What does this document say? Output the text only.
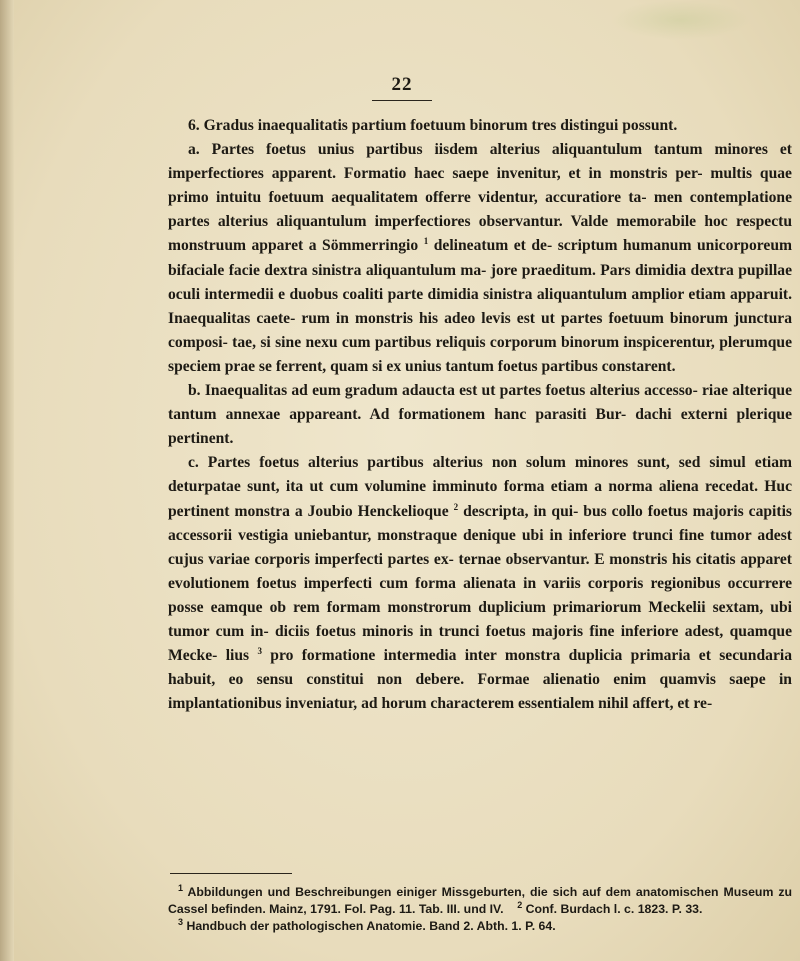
22

6. Gradus inaequalitatis partium foetuum binorum tres distingui possunt.

a. Partes foetus unius partibus iisdem alterius aliquantulum tantum minores et imperfectiores apparent. Formatio haec saepe invenitur, et in monstris per- multis quae primo intuitu foetuum aequalitatem offerre videntur, accuratiore ta- men contemplatione partes alterius aliquantulum imperfectiores observantur. Valde memorabile hoc respectu monstruum apparet a Sömmerringio $^1$ delineatum et de- scriptum humanum unicorporeum bifaciale facie dextra sinistra aliquantulum ma- jore praeditum. Pars dimidia dextra pupillae oculi intermedii e duobus coaliti parte dimidia sinistra aliquantulum amplior etiam apparuit. Inaequalitas caete- rum in monstris his adeo levis est ut partes foetuum binorum junctura composi- tae, si sine nexu cum partibus reliquis corporum binorum inspicerentur, plerumque speciem prae se ferrent, quam si ex unius tantum foetus partibus constarent.

b. Inaequalitas ad eum gradum adaucta est ut partes foetus alterius accesso- riae alterique tantum annexae appareant. Ad formationem hanc parasiti Bur- dachi externi plerique pertinent.

c. Partes foetus alterius partibus alterius non solum minores sunt, sed simul etiam deturpatae sunt, ita ut cum volumine imminuto forma etiam a norma aliena recedat. Huc pertinent monstra a Joubio Henckelioque $^2$ descripta, in qui- bus collo foetus majoris capitis accessorii vestigia uniebantur, monstraque denique ubi in inferiore trunci fine tumor adest cujus variae corporis imperfecti partes ex- ternae observantur. E monstris his citatis apparet evolutionem foetus imperfecti cum forma alienata in variis corporis regionibus occurrere posse eamque ob rem formam monstrorum duplicium primariorum Meckelii sextam, ubi tumor cum in- diciis foetus minoris in trunci foetus majoris fine inferiore adest, quamque Mecke- lius $^3$ pro formatione intermedia inter monstra duplicia primaria et secundaria habuit, eo sensu constitui non debere. Formae alienatio enim quamvis saepe in implantationibus inveniatur, ad horum characterem essentialem nihil affert, et re-

$^1$ Abbildungen und Beschreibungen einiger Missgeburten, die sich auf dem anatomischen Museum zu Cassel befinden. Mainz, 1791. Fol. Pag. 11. Tab. III. und IV. $^2$ Conf. Burdach l. c. 1823. P. 33.

$^3$ Handbuch der pathologischen Anatomie. Band 2. Abth. 1. P. 64.
